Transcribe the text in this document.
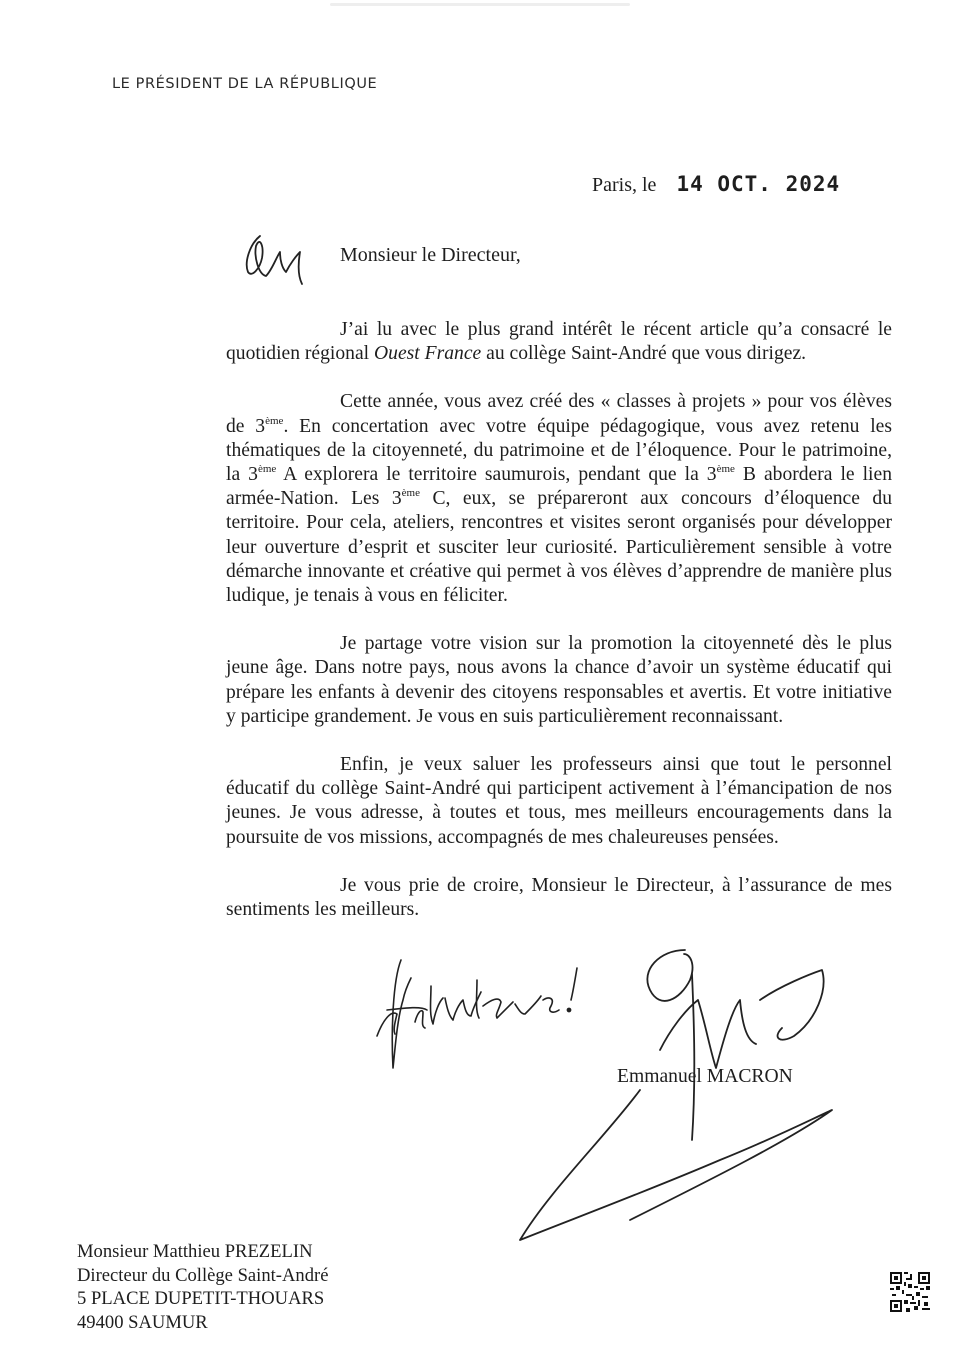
LE PRÉSIDENT DE LA RÉPUBLIQUE
Paris, le 14 OCT. 2024
Monsieur le Directeur,

J’ai lu avec le plus grand intérêt le récent article qu’a consacré le quotidien régional Ouest France au collège Saint-André que vous dirigez.

Cette année, vous avez créé des « classes à projets » pour vos élèves de 3ème. En concertation avec votre équipe pédagogique, vous avez retenu les thématiques de la citoyenneté, du patrimoine et de l’éloquence. Pour le patrimoine, la 3ème A explorera le territoire saumurois, pendant que la 3ème B abordera le lien armée-Nation. Les 3ème C, eux, se prépareront aux concours d’éloquence du territoire. Pour cela, ateliers, rencontres et visites seront organisés pour développer leur ouverture d’esprit et susciter leur curiosité. Particulièrement sensible à votre démarche innovante et créative qui permet à vos élèves d’apprendre de manière plus ludique, je tenais à vous en féliciter.

Je partage votre vision sur la promotion la citoyenneté dès le plus jeune âge. Dans notre pays, nous avons la chance d’avoir un système éducatif qui prépare les enfants à devenir des citoyens responsables et avertis. Et votre initiative y participe grandement. Je vous en suis particulièrement reconnaissant.

Enfin, je veux saluer les professeurs ainsi que tout le personnel éducatif du collège Saint-André qui participent activement à l’émancipation de nos jeunes. Je vous adresse, à toutes et tous, mes meilleurs encouragements dans la poursuite de vos missions, accompagnés de mes chaleureuses pensées.

Je vous prie de croire, Monsieur le Directeur, à l’assurance de mes sentiments les meilleurs.

Emmanuel MACRON
Monsieur Matthieu PREZELIN
Directeur du Collège Saint-André
5 PLACE DUPETIT-THOUARS
49400 SAUMUR
